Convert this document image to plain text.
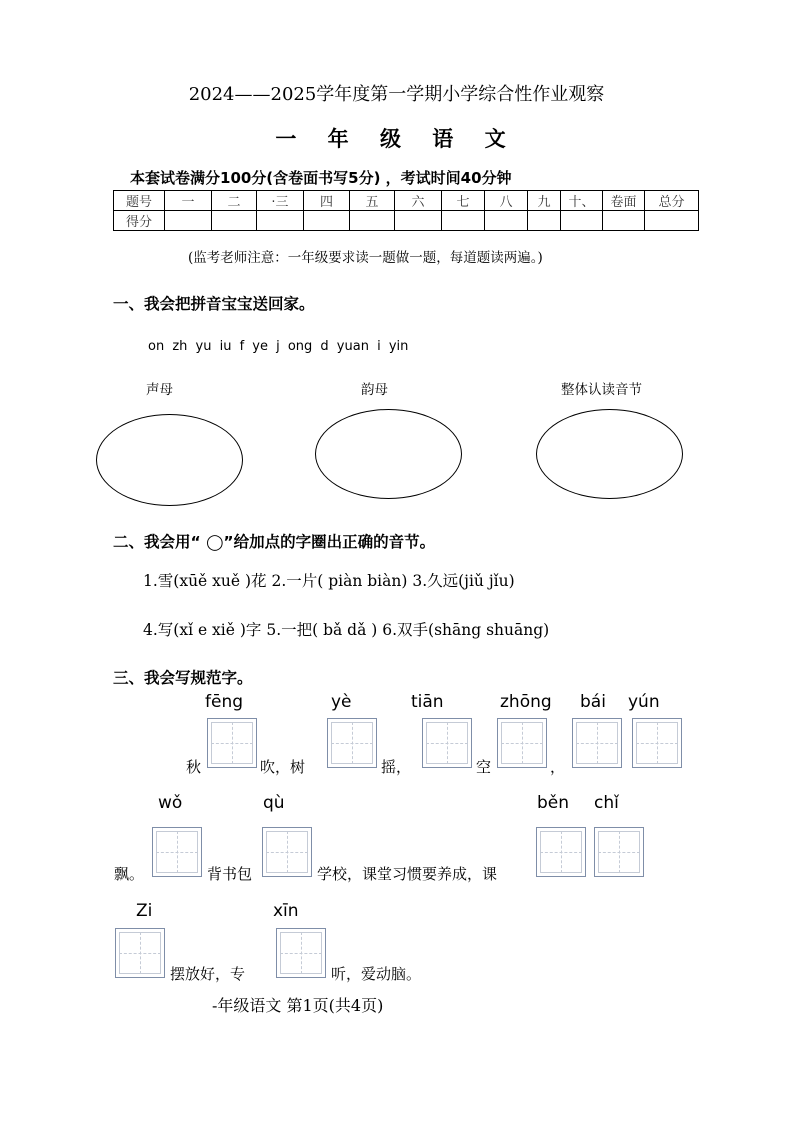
2024——2025学年度第一学期小学综合性作业观察
一 年 级 语 文
本套试卷满分100分(含卷面书写5分) ，考试时间40分钟
题号	一	二	·三	四	五	六	七	八	九	十、	卷面	总分
得分												
(监考老师注意：一年级要求读一题做一题，每道题读两遍。)
一、我会把拼音宝宝送回家。
on zh yu iu f ye j ong d yuan i yin
声母	韵母	整体认读音节
二、我会用“ ◯”给加点的字圈出正确的音节。
1.雪(xūě xuě )花 2.一片( piàn biàn) 3.久远(jiǔ jǐu)
4.写(xǐ e xiě )字 5.一把( bǎ dǎ ) 6.双手(shāng shuāng)
三、我会写规范字。
fēng	yè	tiān	zhōng bái yún
秋	吹，树	摇，	空	，
wǒ	qù	běn chǐ
飘。	背书包	学校，课堂习惯要养成，课
Zi	xīn
摆放好，专	听，爱动脑。
-年级语文 第1页(共4页)
